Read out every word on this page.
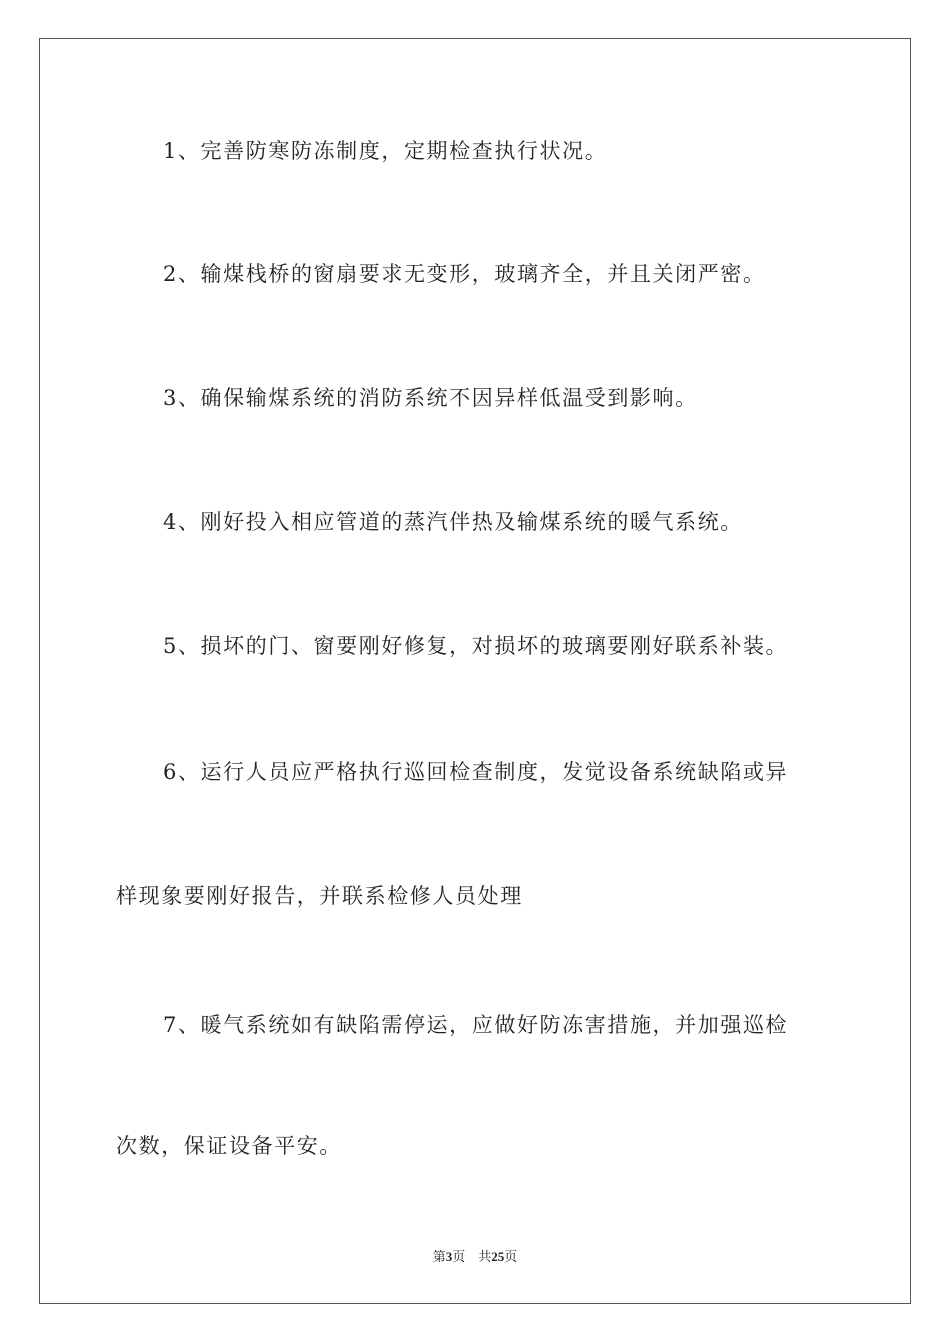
1、完善防寒防冻制度，定期检查执行状况。

2、输煤栈桥的窗扇要求无变形，玻璃齐全，并且关闭严密。

3、确保输煤系统的消防系统不因异样低温受到影响。

4、刚好投入相应管道的蒸汽伴热及输煤系统的暖气系统。

5、损坏的门、窗要刚好修复，对损坏的玻璃要刚好联系补装。

6、运行人员应严格执行巡回检查制度，发觉设备系统缺陷或异

样现象要刚好报告，并联系检修人员处理

7、暖气系统如有缺陷需停运，应做好防冻害措施，并加强巡检

次数，保证设备平安。

第3页 共25页
